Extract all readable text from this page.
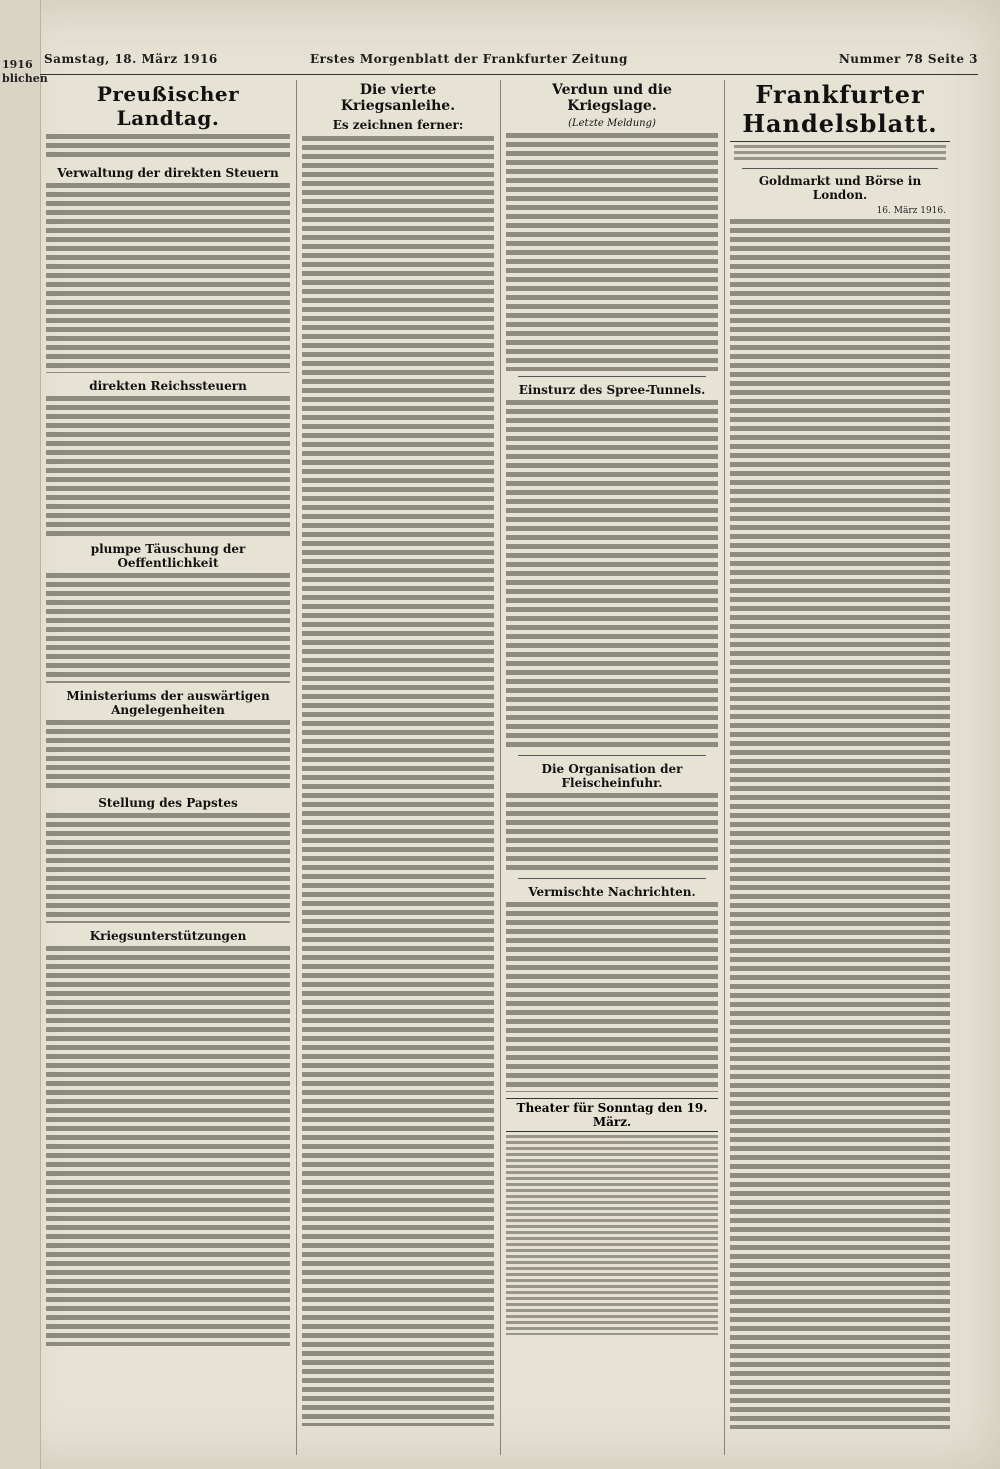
1916
blichen
Samstag, 18. März 1916	Erstes Morgenblatt der Frankfurter Zeitung	Nummer 78 Seite 3
Preußischer Landtag.
Verwaltung der direkten Steuern
direkten Reichssteuern
plumpe Täuschung der Oeffentlichkeit
Ministeriums der auswärtigen Angelegenheiten
Stellung des Papstes
Kriegsunterstützungen
Die vierte Kriegsanleihe.
Es zeichnen ferner:
Verdun und die Kriegslage.
(Letzte Meldung)
Einsturz des Spree-Tunnels.
Die Organisation der Fleischeinfuhr.
Vermischte Nachrichten.
Theater für Sonntag den 19. März.
Frankfurter Handelsblatt.
Goldmarkt und Börse in London.
16. März 1916.
